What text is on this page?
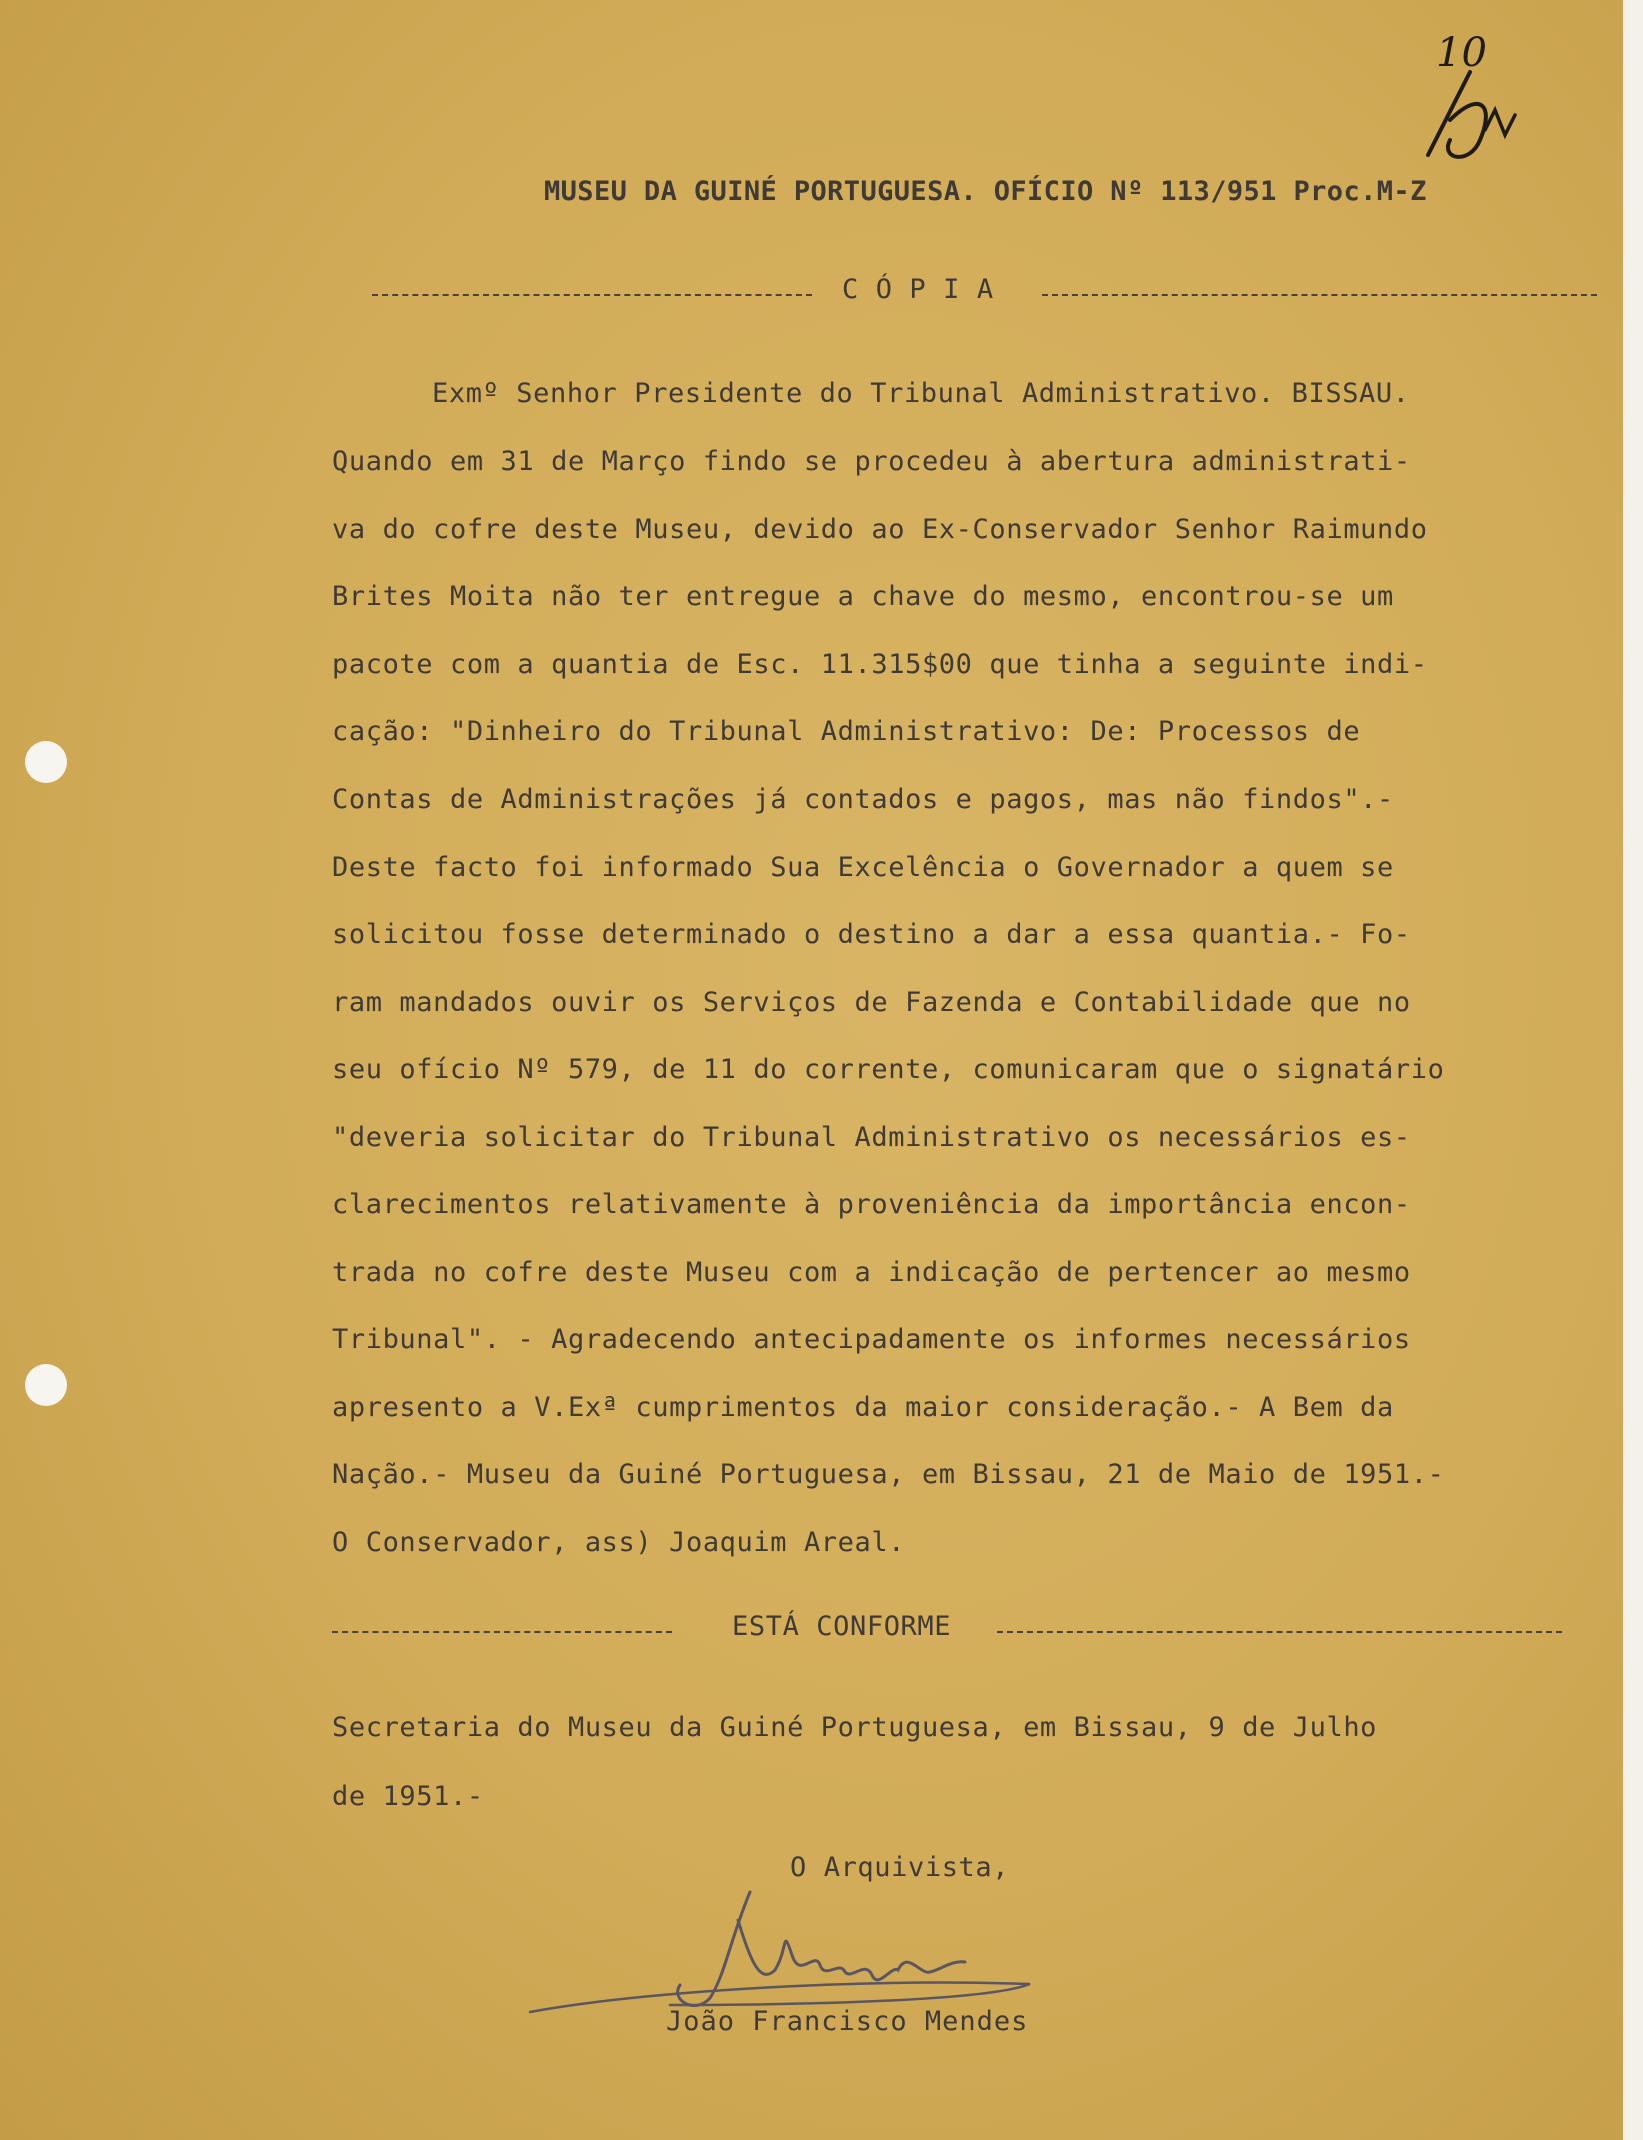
10
MUSEU DA GUINÉ PORTUGUESA. OFÍCIO Nº 113/951 Proc.M-Z

C Ó P I A

Exmº Senhor Presidente do Tribunal Administrativo. BISSAU.
Quando em 31 de Março findo se procedeu à abertura administrati-
va do cofre deste Museu, devido ao Ex-Conservador Senhor Raimundo
Brites Moita não ter entregue a chave do mesmo, encontrou-se um
pacote com a quantia de Esc. 11.315$00 que tinha a seguinte indi-
cação: "Dinheiro do Tribunal Administrativo: De: Processos de
Contas de Administrações já contados e pagos, mas não findos".-
Deste facto foi informado Sua Excelência o Governador a quem se
solicitou fosse determinado o destino a dar a essa quantia.- Fo-
ram mandados ouvir os Serviços de Fazenda e Contabilidade que no
seu ofício Nº 579, de 11 do corrente, comunicaram que o signatário
"deveria solicitar do Tribunal Administrativo os necessários es-
clarecimentos relativamente à proveniência da importância encon-
trada no cofre deste Museu com a indicação de pertencer ao mesmo
Tribunal". - Agradecendo antecipadamente os informes necessários
apresento a V.Exª cumprimentos da maior consideração.- A Bem da
Nação.- Museu da Guiné Portuguesa, em Bissau, 21 de Maio de 1951.-
O Conservador, ass) Joaquim Areal.

ESTÁ CONFORME

Secretaria do Museu da Guiné Portuguesa, em Bissau, 9 de Julho
de 1951.-
O Arquivista,
João Francisco Mendes
